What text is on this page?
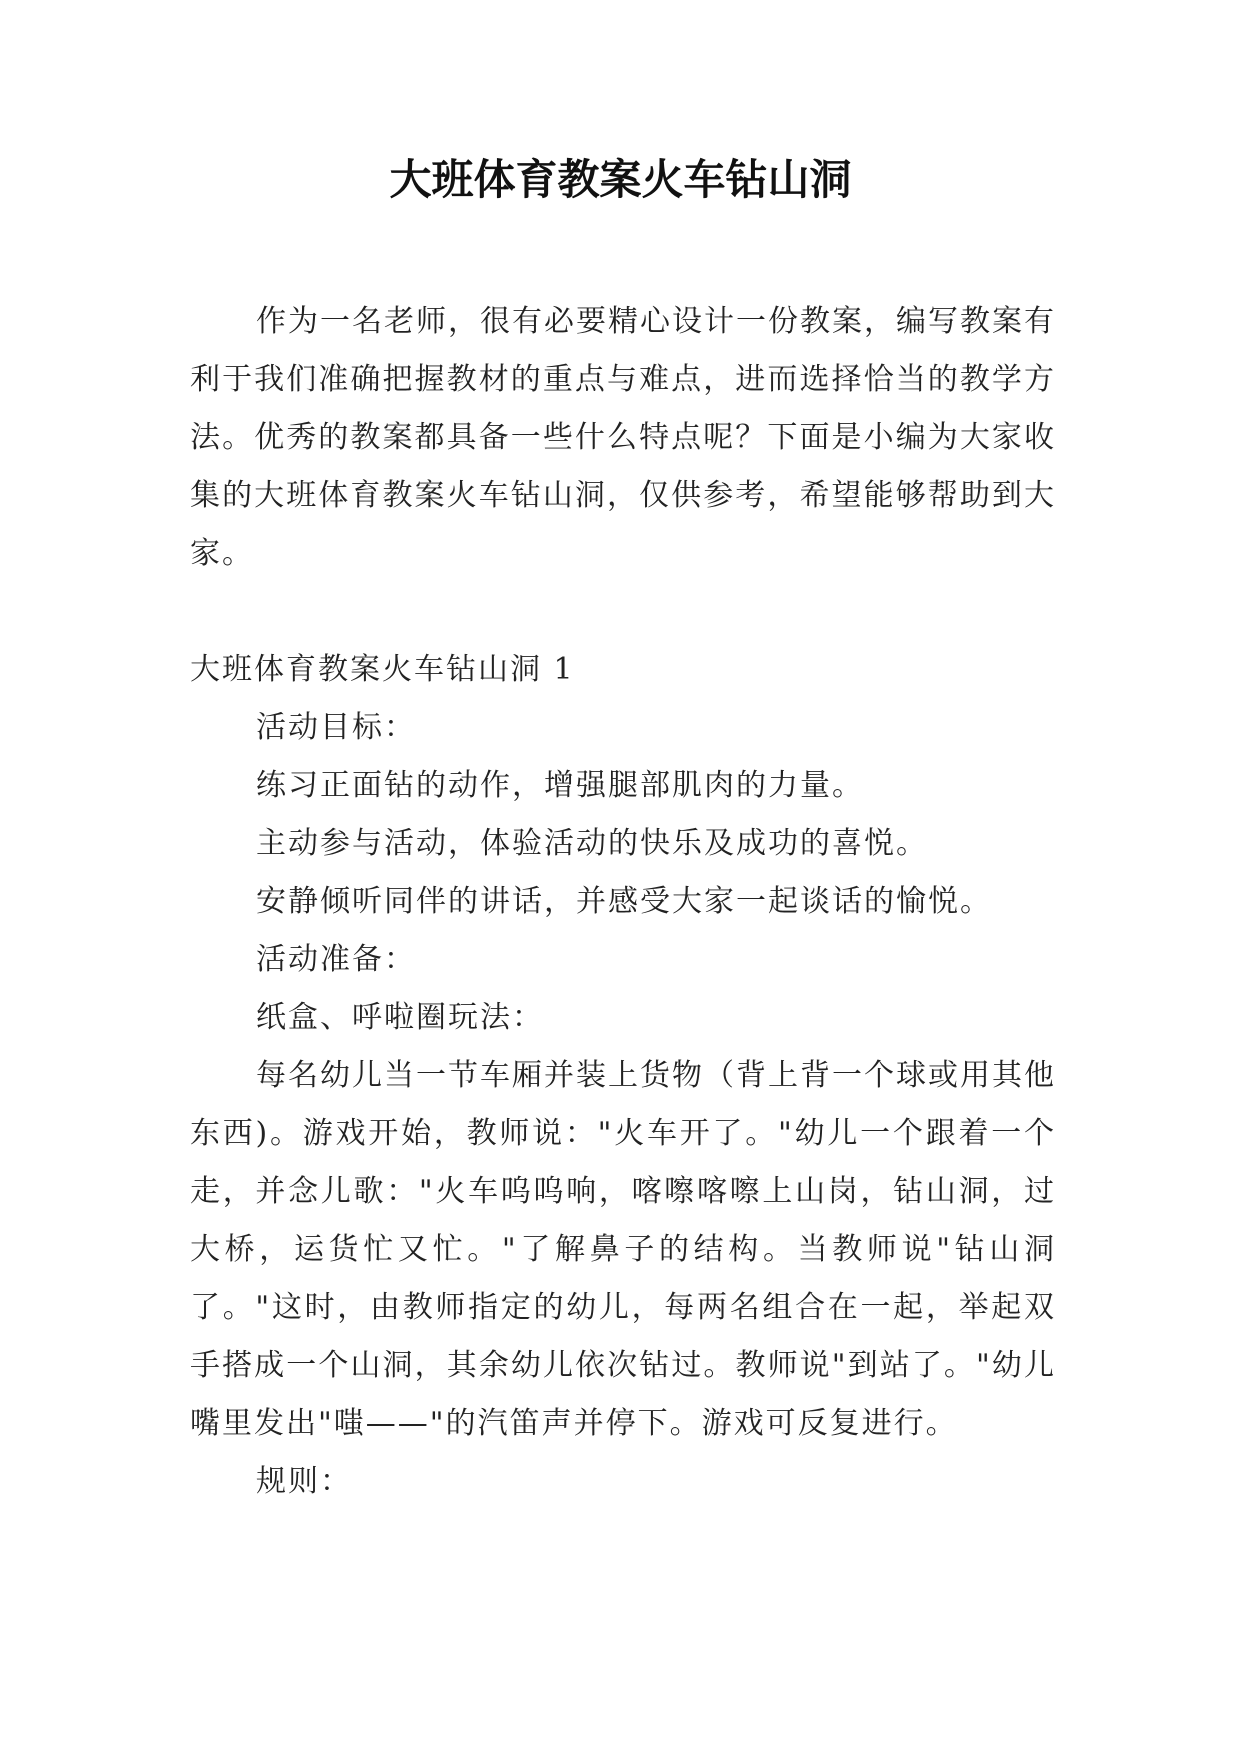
大班体育教案火车钻山洞

作为一名老师，很有必要精心设计一份教案，编写教案有利于我们准确把握教材的重点与难点，进而选择恰当的教学方法。优秀的教案都具备一些什么特点呢？下面是小编为大家收集的大班体育教案火车钻山洞，仅供参考，希望能够帮助到大家。

大班体育教案火车钻山洞 1

活动目标：

练习正面钻的动作，增强腿部肌肉的力量。

主动参与活动，体验活动的快乐及成功的喜悦。

安静倾听同伴的讲话，并感受大家一起谈话的愉悦。

活动准备：

纸盒、呼啦圈玩法：

每名幼儿当一节车厢并装上货物（背上背一个球或用其他东西)。游戏开始，教师说："火车开了。"幼儿一个跟着一个走，并念儿歌："火车呜呜响，喀嚓喀嚓上山岗，钻山洞，过大桥，运货忙又忙。"了解鼻子的结构。当教师说"钻山洞了。"这时，由教师指定的幼儿，每两名组合在一起，举起双手搭成一个山洞，其余幼儿依次钻过。教师说"到站了。"幼儿嘴里发出"嗤——"的汽笛声并停下。游戏可反复进行。

规则：
